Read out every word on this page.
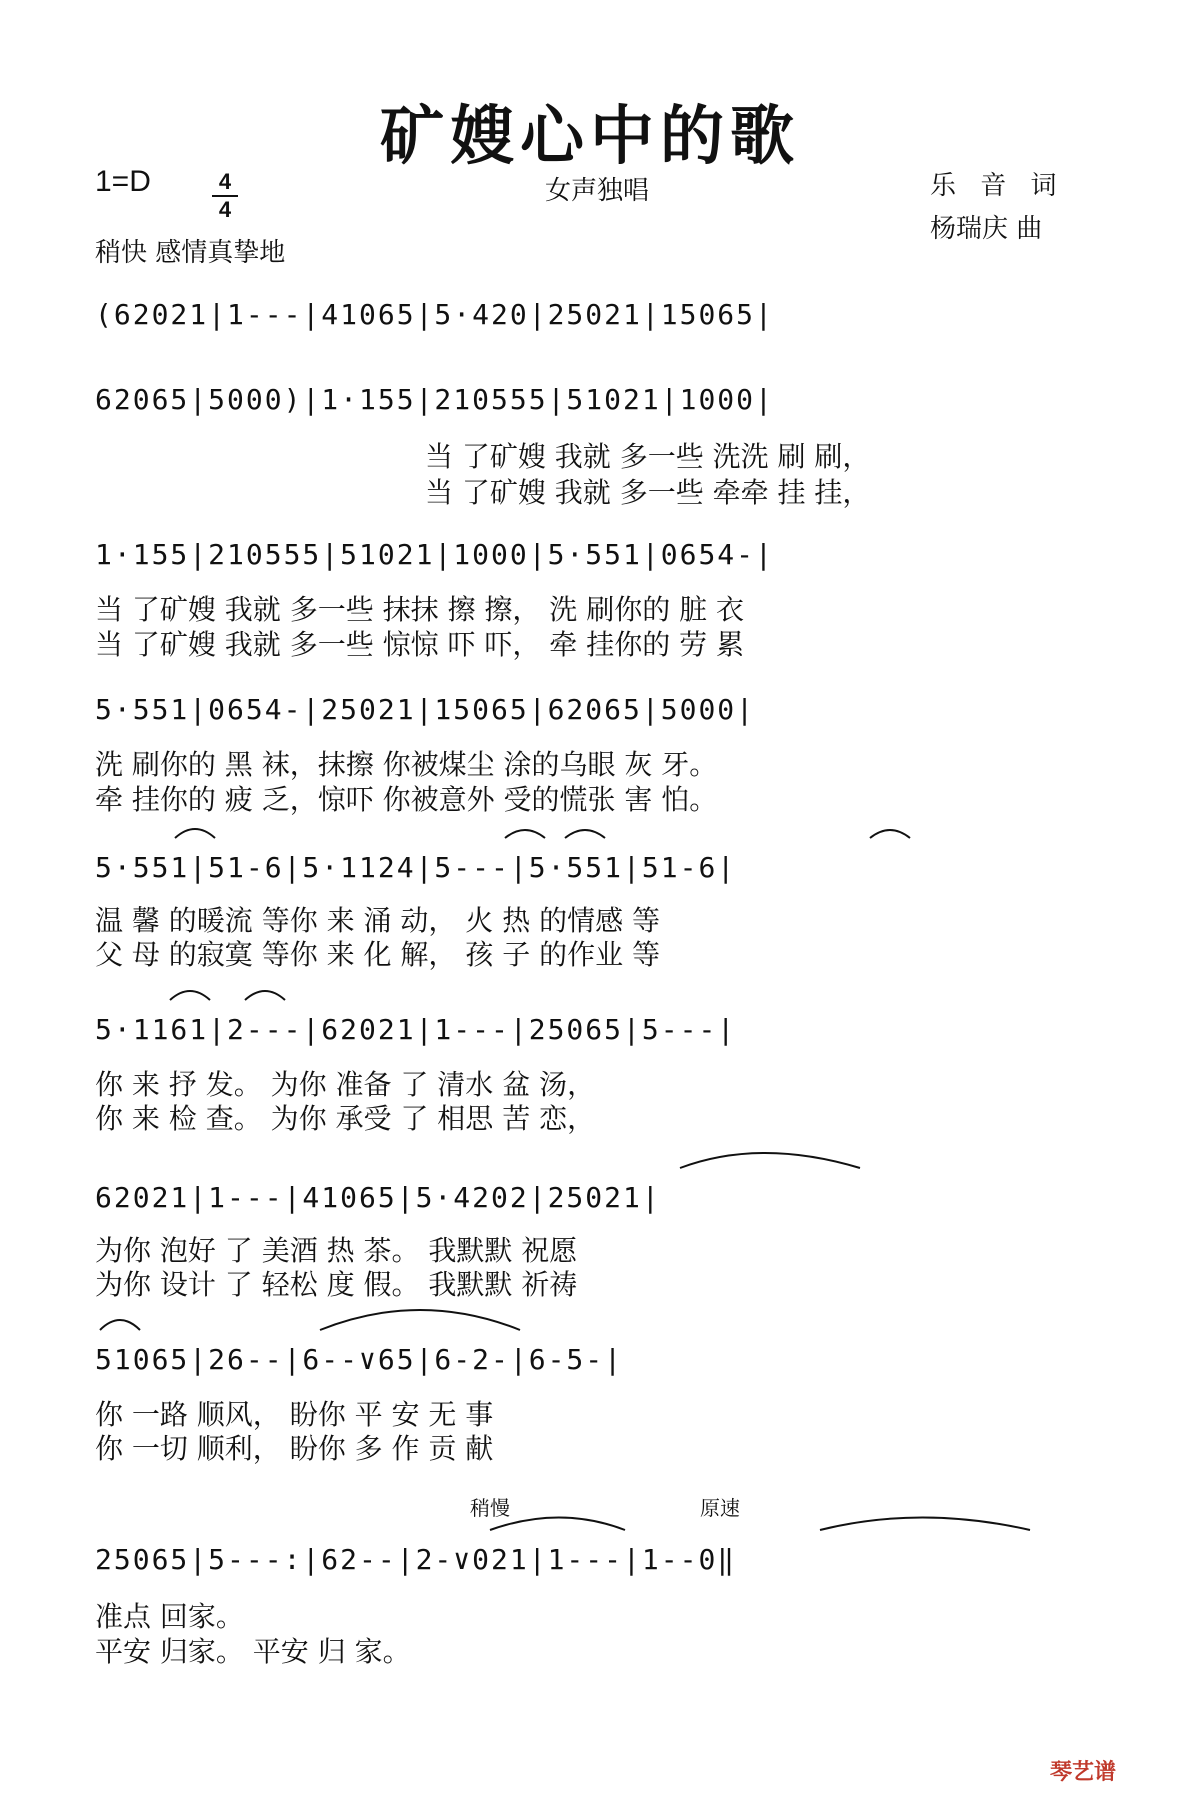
矿嫂心中的歌
1=D	4
4
女声独唱	乐 音 词
杨瑞庆 曲
稍快 感情真挚地
(62021|1---|41065|5·420|25021|15065|
62065|5000)|1·155|210555|51021|1000|
当 了矿嫂 我就 多一些 洗洗 刷 刷，
当 了矿嫂 我就 多一些 牵牵 挂 挂，
1·155|210555|51021|1000|5·551|0654-|
当 了矿嫂 我就 多一些 抹抹 擦 擦， 洗 刷你的 脏 衣
当 了矿嫂 我就 多一些 惊惊 吓 吓， 牵 挂你的 劳 累
5·551|0654-|25021|15065|62065|5000|
洗 刷你的 黑 袜，抹擦 你被煤尘 涂的乌眼 灰 牙。
牵 挂你的 疲 乏，惊吓 你被意外 受的慌张 害 怕。
5·551|51-6|5·1124|5---|5·551|51-6|
温 馨 的暖流 等你 来 涌 动， 火 热 的情感 等
父 母 的寂寞 等你 来 化 解， 孩 子 的作业 等
5·1161|2---|62021|1---|25065|5---|
你 来 抒 发。 为你 准备 了 清水 盆 汤，
你 来 检 查。 为你 承受 了 相思 苦 恋，
62021|1---|41065|5·4202|25021|
为你 泡好 了 美酒 热 茶。 我默默 祝愿
为你 设计 了 轻松 度 假。 我默默 祈祷
51065|26--|6--∨65|6-2-|6-5-|
你 一路 顺风， 盼你 平 安 无 事
你 一切 顺利， 盼你 多 作 贡 献
稍慢	原速
25065|5---:|62--|2-∨021|1---|1--0‖
准点 回家。
平安 归家。 平安 归 家。
琴艺谱
